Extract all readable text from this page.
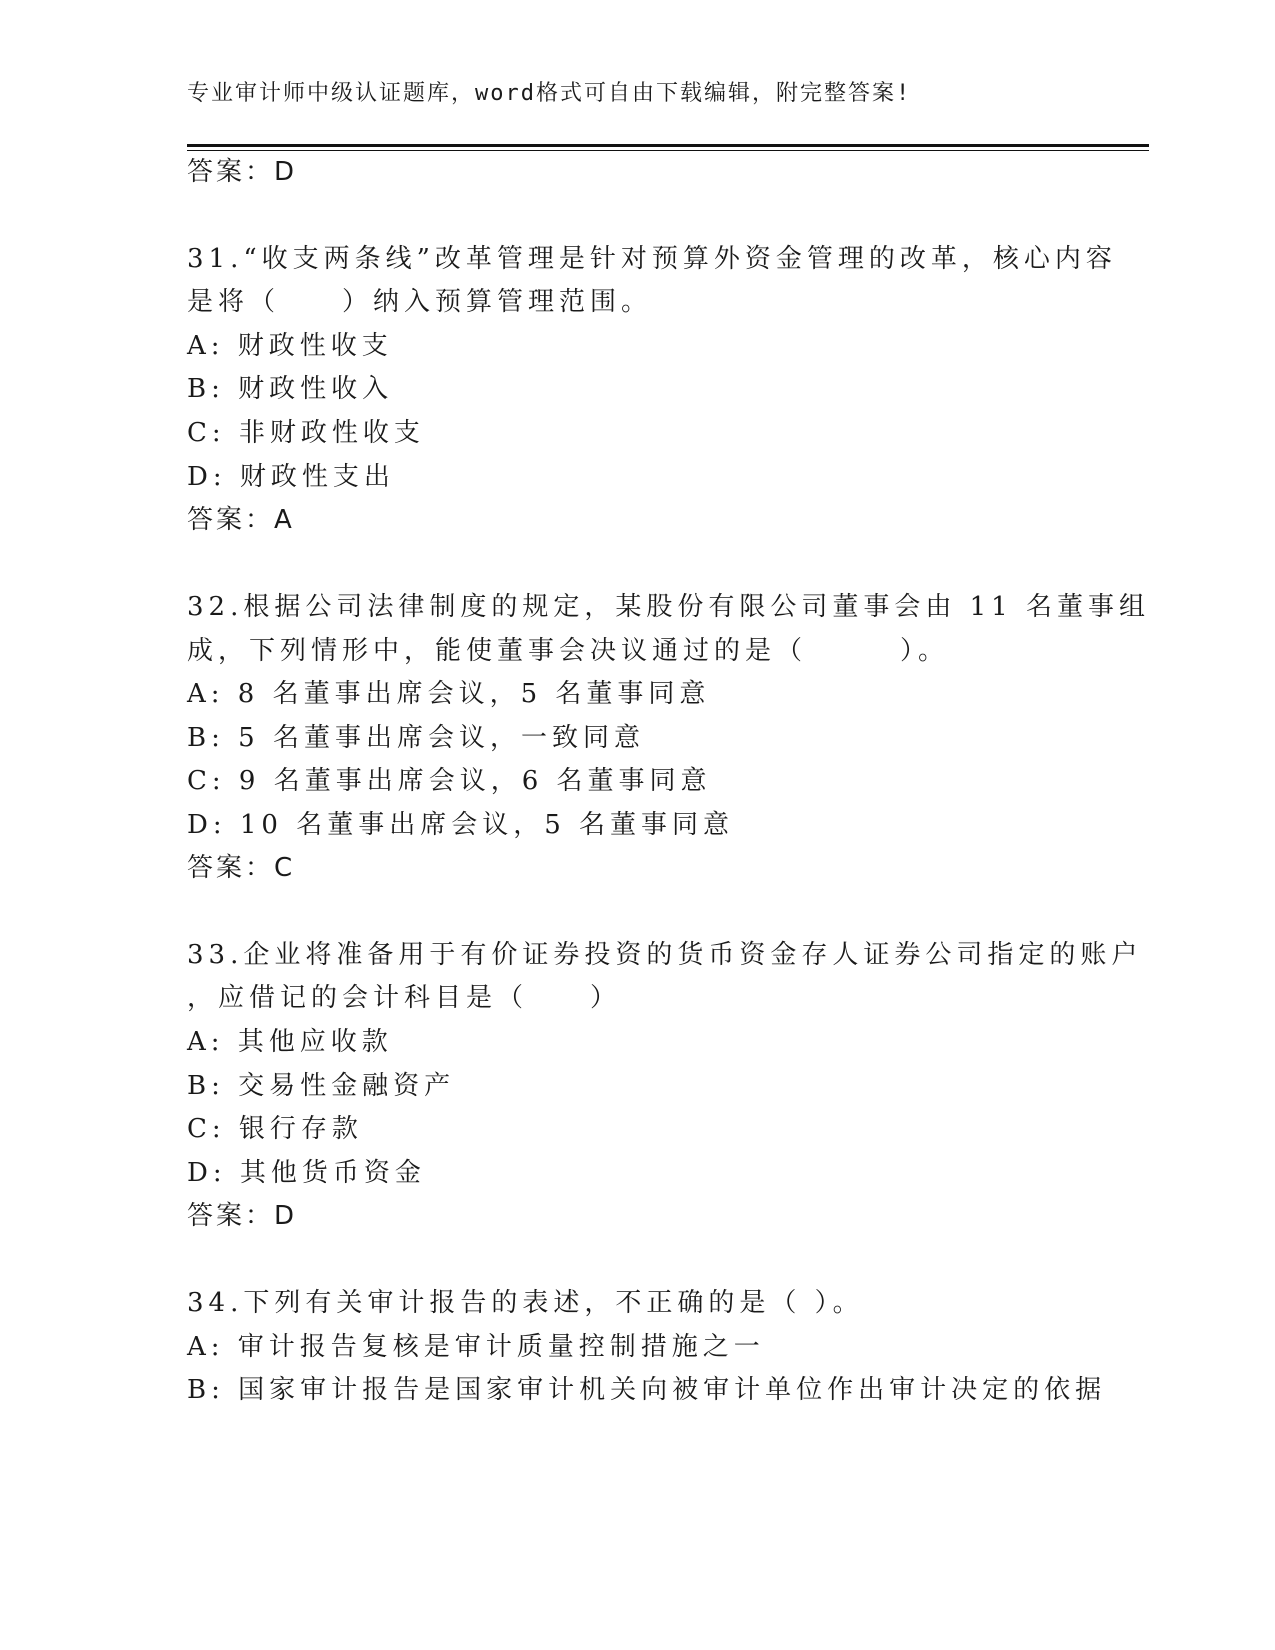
专业审计师中级认证题库，word格式可自由下载编辑，附完整答案!
答案：D
31.“收支两条线”改革管理是针对预算外资金管理的改革，核心内容
是将（　　）纳入预算管理范围。
A: 财政性收支
B: 财政性收入
C: 非财政性收支
D: 财政性支出
答案：A
32.根据公司法律制度的规定，某股份有限公司董事会由 11 名董事组
成，下列情形中，能使董事会决议通过的是（　　　）。
A: 8 名董事出席会议，5 名董事同意
B: 5 名董事出席会议，一致同意
C: 9 名董事出席会议，6 名董事同意
D: 10 名董事出席会议，5 名董事同意
答案：C
33.企业将准备用于有价证券投资的货币资金存人证券公司指定的账户
，应借记的会计科目是（　　）
A: 其他应收款
B: 交易性金融资产
C: 银行存款
D: 其他货币资金
答案：D
34.下列有关审计报告的表述，不正确的是（ ）。
A: 审计报告复核是审计质量控制措施之一
B: 国家审计报告是国家审计机关向被审计单位作出审计决定的依据
